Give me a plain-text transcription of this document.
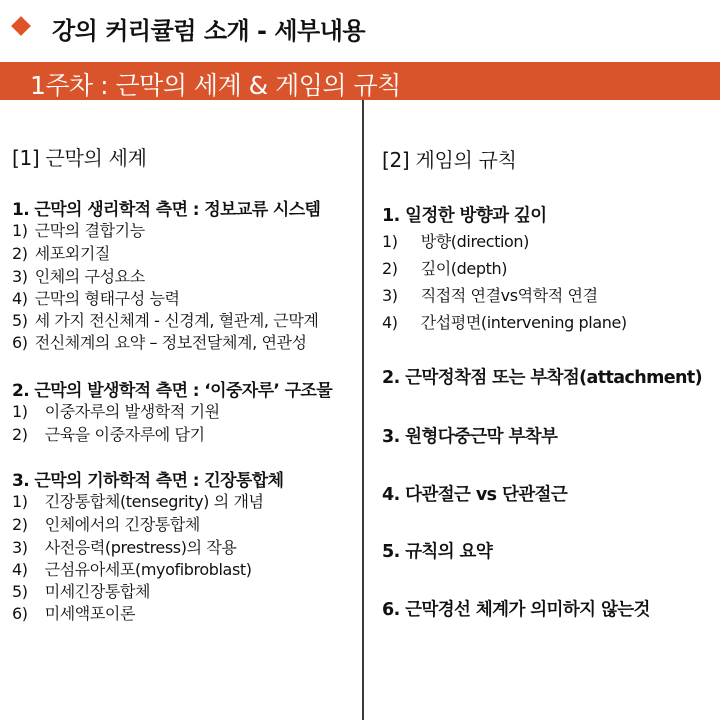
강의 커리큘럼 소개 - 세부내용
1주차 : 근막의 세계 & 게임의 규칙
[1] 근막의 세계
1. 근막의 생리학적 측면 : 정보교류 시스템
1) 근막의 결합기능
2) 세포외기질
3) 인체의 구성요소
4) 근막의 형태구성 능력
5) 세 가지 전신체계 - 신경계, 혈관계, 근막계
6) 전신체계의 요약 – 정보전달체계, 연관성
2. 근막의 발생학적 측면 : ‘이중자루’ 구조물
1) 이중자루의 발생학적 기원
2) 근육을 이중자루에 담기
3. 근막의 기하학적 측면 : 긴장통합체
1) 긴장통합체(tensegrity) 의 개념
2) 인체에서의 긴장통합체
3) 사전응력(prestress)의 작용
4) 근섬유아세포(myofibroblast)
5) 미세긴장통합체
6) 미세액포이론
[2] 게임의 규칙
1. 일정한 방향과 깊이
1) 방향(direction)
2) 깊이(depth)
3) 직접적 연결vs역학적 연결
4) 간섭평면(intervening plane)
2. 근막정착점 또는 부착점(attachment)
3. 원형다중근막 부착부
4. 다관절근 vs 단관절근
5. 규칙의 요약
6. 근막경선 체계가 의미하지 않는것
